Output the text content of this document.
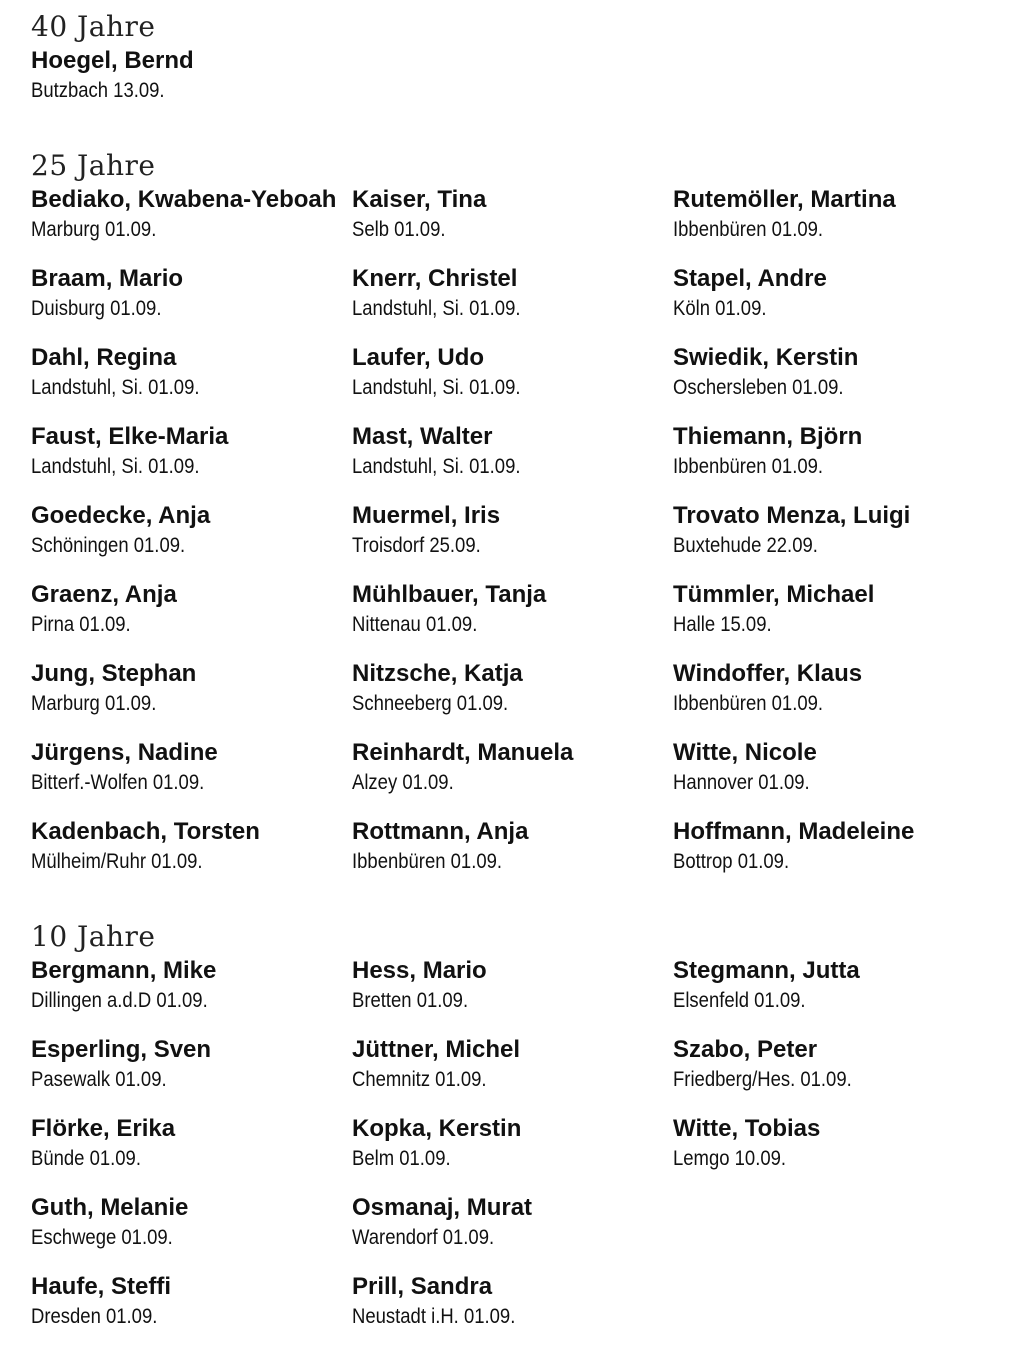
40 Jahre
Hoegel, Bernd
Butzbach 13.09.
25 Jahre
Bediako, Kwabena-Yeboah
Marburg 01.09.
Kaiser, Tina
Selb 01.09.
Rutemöller, Martina
Ibbenbüren 01.09.
Braam, Mario
Duisburg 01.09.
Knerr, Christel
Landstuhl, Si. 01.09.
Stapel, Andre
Köln 01.09.
Dahl, Regina
Landstuhl, Si. 01.09.
Laufer, Udo
Landstuhl, Si. 01.09.
Swiedik, Kerstin
Oschersleben 01.09.
Faust, Elke-Maria
Landstuhl, Si. 01.09.
Mast, Walter
Landstuhl, Si. 01.09.
Thiemann, Björn
Ibbenbüren 01.09.
Goedecke, Anja
Schöningen 01.09.
Muermel, Iris
Troisdorf 25.09.
Trovato Menza, Luigi
Buxtehude 22.09.
Graenz, Anja
Pirna 01.09.
Mühlbauer, Tanja
Nittenau 01.09.
Tümmler, Michael
Halle 15.09.
Jung, Stephan
Marburg 01.09.
Nitzsche, Katja
Schneeberg 01.09.
Windoffer, Klaus
Ibbenbüren 01.09.
Jürgens, Nadine
Bitterf.-Wolfen 01.09.
Reinhardt, Manuela
Alzey 01.09.
Witte, Nicole
Hannover 01.09.
Kadenbach, Torsten
Mülheim/Ruhr 01.09.
Rottmann, Anja
Ibbenbüren 01.09.
Hoffmann, Madeleine
Bottrop 01.09.
10 Jahre
Bergmann, Mike
Dillingen a.d.D 01.09.
Hess, Mario
Bretten 01.09.
Stegmann, Jutta
Elsenfeld 01.09.
Esperling, Sven
Pasewalk 01.09.
Jüttner, Michel
Chemnitz 01.09.
Szabo, Peter
Friedberg/Hes. 01.09.
Flörke, Erika
Bünde 01.09.
Kopka, Kerstin
Belm 01.09.
Witte, Tobias
Lemgo 10.09.
Guth, Melanie
Eschwege 01.09.
Osmanaj, Murat
Warendorf 01.09.
Haufe, Steffi
Dresden 01.09.
Prill, Sandra
Neustadt i.H. 01.09.
